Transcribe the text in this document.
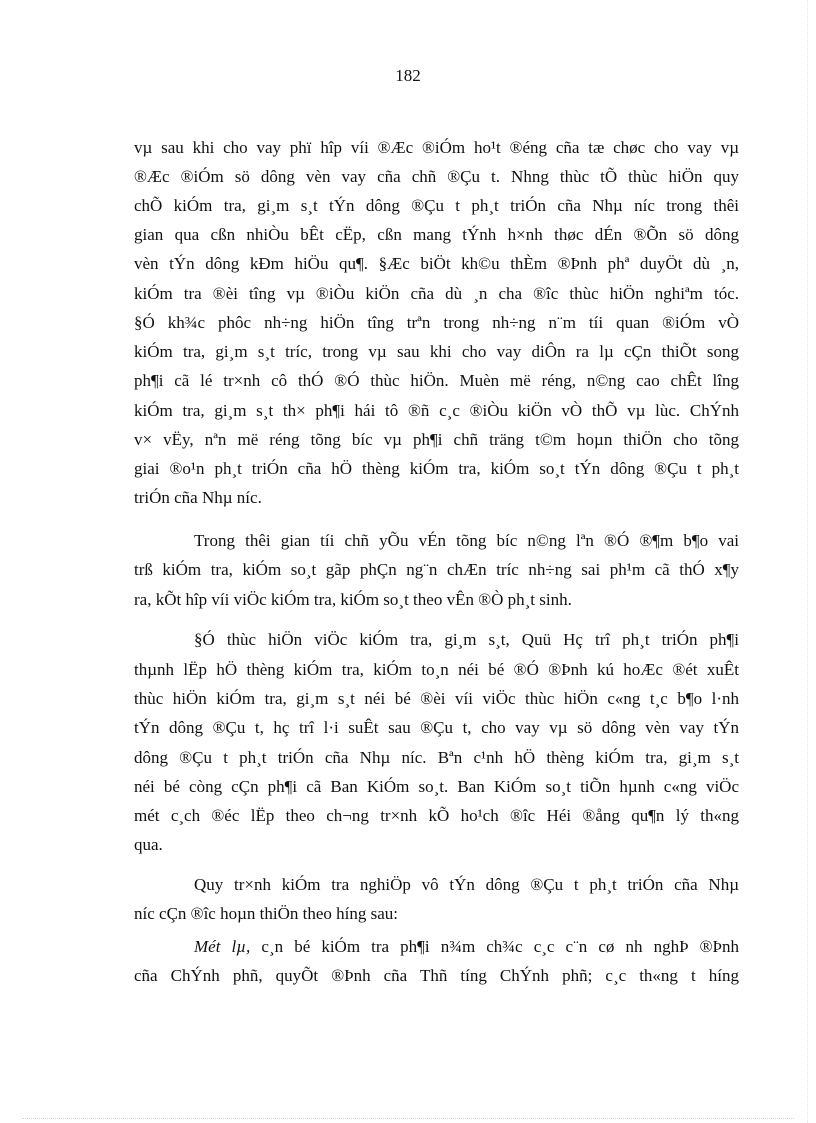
182
vµ sau khi cho vay phï hîp víi ®Æc ®iÓm ho¹t ®éng cña tæ chøc cho vay vµ
®Æc ®iÓm sö dông vèn vay cña chñ ®Çu t. Nhng thùc tÕ thùc hiÖn quy
chÕ kiÓm tra, gi¸m s¸t tÝn dông ®Çu t ph¸t triÓn cña Nhµ níc trong thêi
gian qua cßn nhiÒu bÊt cËp, cßn mang tÝnh h×nh thøc dÉn ®Õn sö dông
vèn tÝn dông kÐm hiÖu qu¶. §Æc biÖt kh©u thÈm ®Þnh phª duyÖt dù ¸n,
kiÓm tra ®èi tîng vµ ®iÒu kiÖn cña dù ¸n cha ®îc thùc hiÖn nghiªm tóc.
§Ó kh¾c phôc nh÷ng hiÖn tîng trªn trong nh÷ng n¨m tíi quan ®iÓm vÒ
kiÓm tra, gi¸m s¸t tríc, trong vµ sau khi cho vay diÔn ra lµ cÇn thiÕt song
ph¶i cã lé tr×nh cô thÓ ®Ó thùc hiÖn. Muèn më réng, n©ng cao chÊt lîng
kiÓm tra, gi¸m s¸t th× ph¶i hái tô ®ñ c¸c ®iÒu kiÖn vÒ thÕ vµ lùc. ChÝnh
v× vËy, nªn më réng tõng bíc vµ ph¶i chñ träng t©m hoµn thiÖn cho tõng
giai ®o¹n ph¸t triÓn cña hÖ thèng kiÓm tra, kiÓm so¸t tÝn dông ®Çu t ph¸t
triÓn cña Nhµ níc.
Trong thêi gian tíi chñ yÕu vÉn tõng bíc n©ng lªn ®Ó ®¶m b¶o vai
trß kiÓm tra, kiÓm so¸t gãp phÇn ng¨n chÆn tríc nh÷ng sai ph¹m cã thÓ x¶y
ra, kÕt hîp víi viÖc kiÓm tra, kiÓm so¸t theo vÊn ®Ò ph¸t sinh.
§Ó thùc hiÖn viÖc kiÓm tra, gi¸m s¸t, Quü Hç trî ph¸t triÓn ph¶i
thµnh lËp hÖ thèng kiÓm tra, kiÓm to¸n néi bé ®Ó ®Þnh kú hoÆc ®ét xuÊt
thùc hiÖn kiÓm tra, gi¸m s¸t néi bé ®èi víi viÖc thùc hiÖn c«ng t¸c b¶o l·nh
tÝn dông ®Çu t, hç trî l·i suÊt sau ®Çu t, cho vay vµ sö dông vèn vay tÝn
dông ®Çu t ph¸t triÓn cña Nhµ níc. Bªn c¹nh hÖ thèng kiÓm tra, gi¸m s¸t
néi bé còng cÇn ph¶i cã Ban KiÓm so¸t. Ban KiÓm so¸t tiÕn hµnh c«ng viÖc
mét c¸ch ®éc lËp theo ch¬ng tr×nh kÕ ho¹ch ®îc Héi ®ång qu¶n lý th«ng
qua.
Quy tr×nh kiÓm tra nghiÖp vô tÝn dông ®Çu t ph¸t triÓn cña Nhµ
níc cÇn ®îc hoµn thiÖn theo híng sau:
Mét lµ, c¸n bé kiÓm tra ph¶i n¾m ch¾c c¸c c¨n cø nh nghÞ ®Þnh
cña ChÝnh phñ, quyÕt ®Þnh cña Thñ tíng ChÝnh phñ; c¸c th«ng t híng
